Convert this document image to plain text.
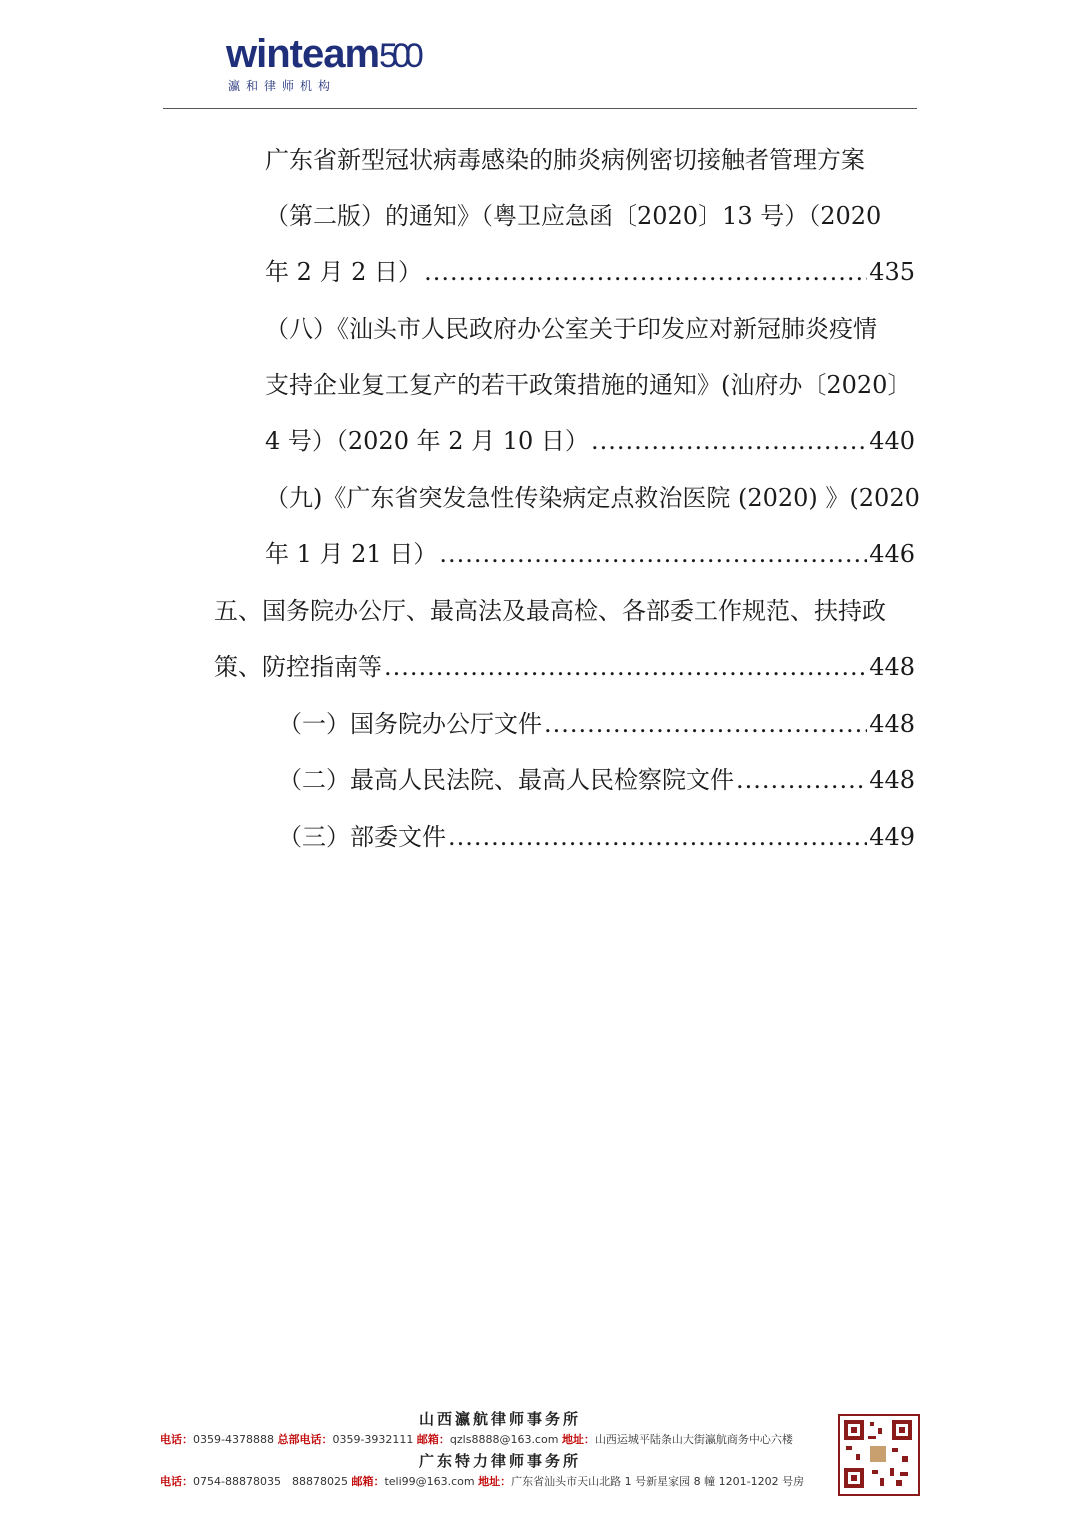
winteam500
瀛和律师机构
广东省新型冠状病毒感染的肺炎病例密切接触者管理方案
（第二版）的通知》（粤卫应急函〔2020〕13 号）（2020
年 2 月 2 日） .....	435
（八）《汕头市人民政府办公室关于印发应对新冠肺炎疫情
支持企业复工复产的若干政策措施的通知》(汕府办〔2020〕
4 号）（2020 年 2 月 10 日） .....	440
（九)《广东省突发急性传染病定点救治医院 (2020) 》(2020
年 1 月 21 日） .....	446
五、国务院办公厅、最高法及最高检、各部委工作规范、扶持政
策、防控指南等 .....	448
（一）国务院办公厅文件 .....	448
（二）最高人民法院、最高人民检察院文件 .....	448
（三）部委文件 .....	449
山西瀛航律师事务所
电话：0359-4378888 总部电话：0359-3932111 邮箱：qzls8888@163.com 地址：山西运城平陆条山大街瀛航商务中心六楼
广东特力律师事务所
电话：0754-88878035　88878025 邮箱：teli99@163.com 地址：广东省汕头市天山北路 1 号新星家园 8 幢 1201-1202 号房
